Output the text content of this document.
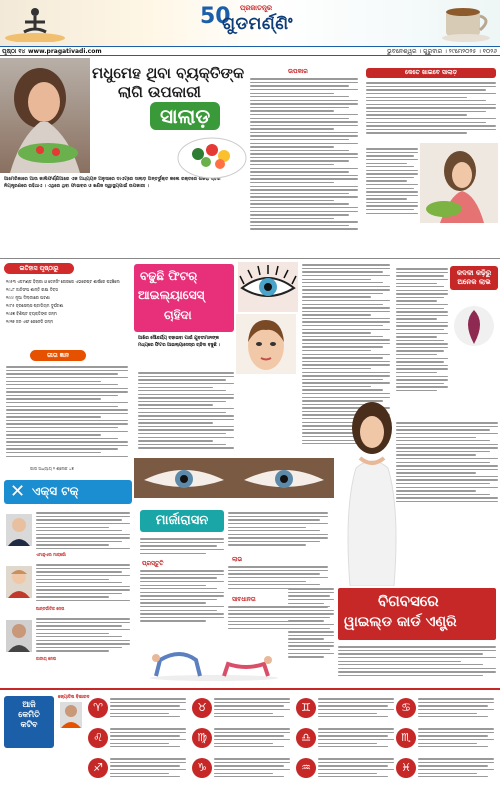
ପ୍ରଜାତନ୍ତ୍ର
50
ଗୁଡମର୍ଣ୍ଣିଂ
ପୃଷ୍ଠା ୧୪ www.pragativadi.com	ଭୁବନେଶ୍ୱର । ଗୁରୁବାର । ୨୯ମେ୨୦୨୫ । ୧୦୨୬
ମଧୁମେହ ଥିବା ବ୍ୟକ୍ତିଙ୍କ
ଲାଗି ଉପକାରୀ
ସାଲାଡ଼
ଆମେରିକାରେ ଆଉ କାଲିଫର୍ଣ୍ଣିଆରେ ଏକ ଅଧ୍ୟୟନ ଅନୁସାରେ ଡାଏଟ୍‌ରେ ସାଲାଡ଼ ଅନ୍ତର୍ଭୁକ୍ତ କଲେ ରକ୍ତରେ ଶର୍କରା ସ୍ତର ନିୟନ୍ତ୍ରଣରେ ରହିଥାଏ । ଏଥିରେ ଥିବା ଫାଇବର ଓ ଖଣିଜ ସ୍ୱାସ୍ଥ୍ୟପାଇଁ ଉପକାରୀ ।
ଉପକାର	କେତେ ଖାଇବେ ସାଲାଡ଼
ଇତିହାସ ପୃଷ୍ଠାରୁ
୧୯୫୩ ଏଡମଣ୍ଡ ହିଲାରୀ ଓ ତେନଜିଂ ନୋରଗେ ଏଭରେଷ୍ଟ ଶୀର୍ଷରେ ପହଞ୍ଚିଲେ
୧୯୪୮ ଜାତିସଂଘ ଶାନ୍ତି ରକ୍ଷା ଦିବସ
୧୯୯୯ ନୂଆ ଦିଲ୍ଲୀରେ ଘଟଣା
୧୯୮୫ ବ୍ରସେଲ୍ସ ଷ୍ଟାଡିୟମ ଦୁର୍ଘଟଣା
୧୯୬୭ ବିଶିଷ୍ଟ ବ୍ୟକ୍ତିଙ୍କ ଜନ୍ମ
୧୯୧୭ ଜନ ଏଫ କେନେଡି ଜନ୍ମ
ଗୀତା ଜ୍ଞାନ
ଗୀତା ଅଧ୍ୟାୟ ୨ ଶ୍ଳୋକ ୪୭
ବଢୁଛି ଫିଟର୍
ଆଇଲ୍ୟାସେସ୍
ଚାହିଦା
ଆଖିର ସୌନ୍ଦର୍ଯ୍ୟ ବଢାଇବା ପାଇଁ ଯୁବତୀମାନଙ୍କ ମଧ୍ୟରେ ଫିଟର ଆଇଲ୍ୟାସେସ୍‌ର ଚାହିଦା ବଢୁଛି ।
କଦଳୀ କଢ଼ିରୁ ଅନେକ ଲାଭ
✕ ଏକ୍ସ ଟକ୍
ଏମାନୁଏଲ ମାକ୍ରୋଁ
ଆନ୍ତର୍ଜାତିକ ନେତା
ଜାତୀୟ ନେତା
ମାର୍ଜାରାସନ
ପ୍ରସ୍ତୁତି
ଲାଭ
ସାବଧାନତା	ବିଗବସରେ
ୱାଇଲ୍ଡ କାର୍ଡ ଏଣ୍ଟ୍ରି
ଆଜି
କେମିତି
କଟିବ
ଜ୍ୟୋତିଷ ବିଶାରଦ
♈	♉	♊	♋
♌	♍	♎	♏
♐	♑	♒	♓
